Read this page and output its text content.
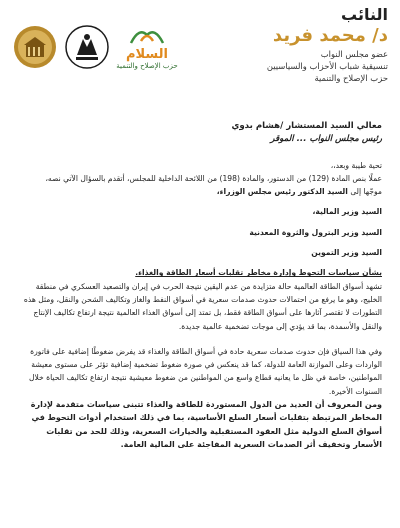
النائب
د/ محمد فريد
عضو مجلس النواب
تنسيقية شباب الأحزاب والسياسيين
حزب الإصلاح والتنمية
السلام
حزب الإصلاح والتنمية

معالي السيد المستشار /هشام بدوي

رئيس مجلس النواب ... الموقر

تحية طيبة وبعد،،

عملًا بنص المادة (129) من الدستور، والمادة (198) من اللائحة الداخلية للمجلس، أتقدم بالسؤال الآتي نصه،

موجّها إلى السيد الدكتور رئيس مجلس الوزراء،

السيد وزير المالية،

السيد وزير البترول والثروة المعدنية

السيد وزير التموين

بشأن سياسات التحوط وإدارة مخاطر تقلبات أسعار الطاقة والغذاء.

تشهد أسواق الطاقة العالمية حالة متزايدة من عدم اليقين نتيجة الحرب في إيران والتصعيد العسكري في منطقة الخليج، وهو ما يرفع من احتمالات حدوث صدمات سعرية في أسواق النفط والغاز وتكاليف الشحن والنقل، ومثل هذه التطورات لا تقتصر آثارها على أسواق الطاقة فقط، بل تمتد إلى أسواق الغذاء العالمية نتيجة ارتفاع تكاليف الإنتاج والنقل والأسمدة، بما قد يؤدي إلى موجات تضخمية عالمية جديدة.

وفي هذا السياق فإن حدوث صدمات سعرية حادة في أسواق الطاقة والغذاء قد يفرض ضغوطًا إضافية على فاتورة الواردات وعلى الموازنة العامة للدولة، كما قد ينعكس في صورة ضغوط تضخمية إضافية تؤثر على مستوى معيشة المواطنين، خاصة في ظل ما يعانيه قطاع واسع من المواطنين من ضغوط معيشية نتيجة ارتفاع تكاليف الحياة خلال السنوات الأخيرة.

ومن المعروف أن العديد من الدول المستوردة للطاقة والغذاء تتبنى سياسات متقدمة لإدارة المخاطر المرتبطة بتقلبات أسعار السلع الأساسية، بما في ذلك استخدام أدوات التحوط في أسواق السلع الدولية مثل العقود المستقبلية والخيارات السعرية، وذلك للحد من تقلبات الأسعار وتخفيف أثر الصدمات السعرية المفاجئة على المالية العامة.
